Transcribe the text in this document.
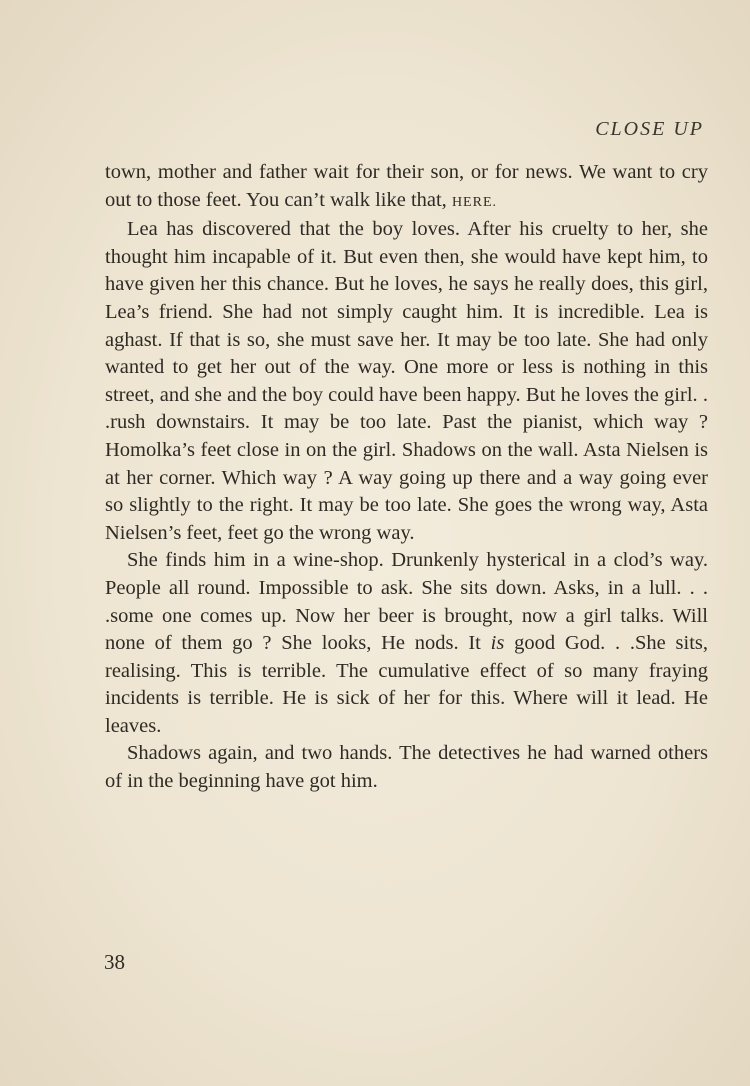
CLOSE UP

town, mother and father wait for their son, or for news. We want to cry out to those feet. You can’t walk like that, HERE.

Lea has discovered that the boy loves. After his cruelty to her, she thought him incapable of it. But even then, she would have kept him, to have given her this chance. But he loves, he says he really does, this girl, Lea’s friend. She had not simply caught him. It is incredible. Lea is aghast. If that is so, she must save her. It may be too late. She had only wanted to get her out of the way. One more or less is nothing in this street, and she and the boy could have been happy. But he loves the girl. . .rush downstairs. It may be too late. Past the pianist, which way ? Homolka’s feet close in on the girl. Shadows on the wall. Asta Nielsen is at her corner. Which way ? A way going up there and a way going ever so slightly to the right. It may be too late. She goes the wrong way, Asta Nielsen’s feet, feet go the wrong way.

She finds him in a wine-shop. Drunkenly hysterical in a clod’s way. People all round. Impossible to ask. She sits down. Asks, in a lull. . . .some one comes up. Now her beer is brought, now a girl talks. Will none of them go ? She looks, He nods. It is good God. . .She sits, realising. This is terrible. The cumulative effect of so many fraying incidents is terrible. He is sick of her for this. Where will it lead. He leaves.

Shadows again, and two hands. The detectives he had warned others of in the beginning have got him.

38
